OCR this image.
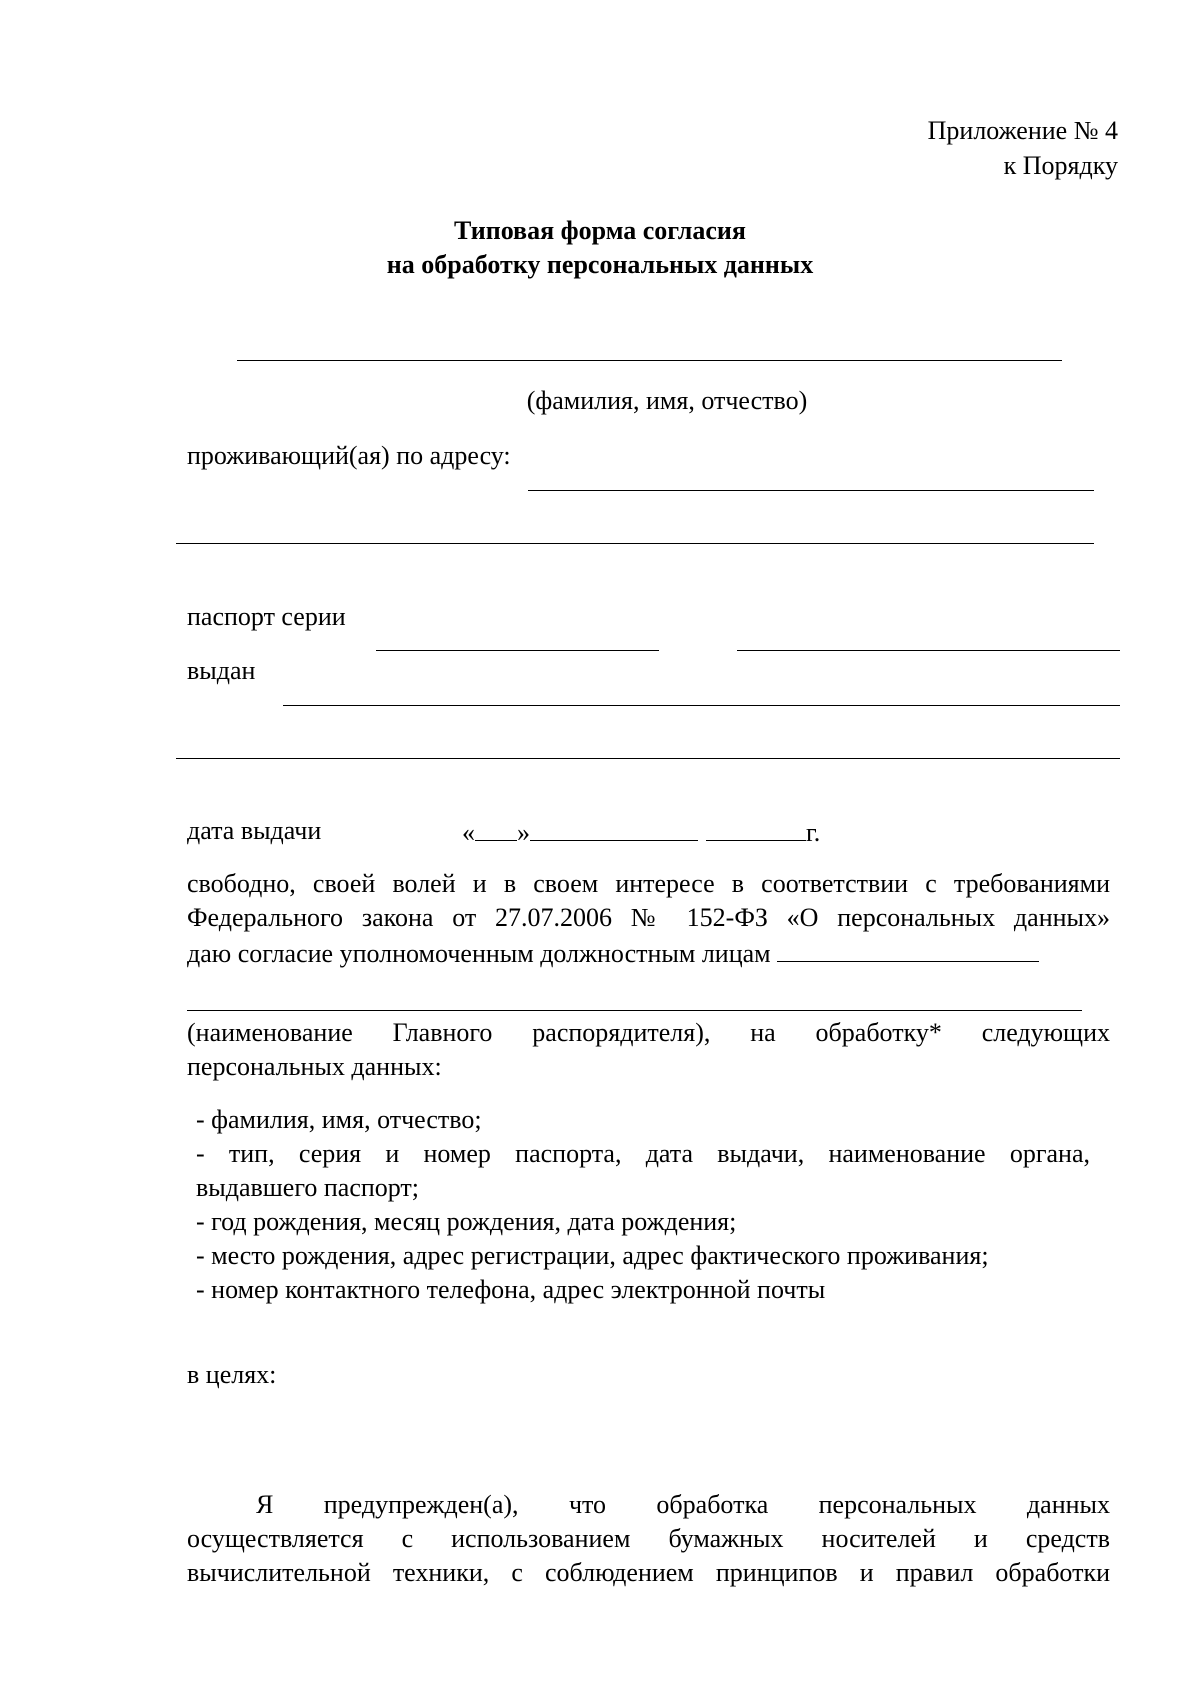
Приложение № 4
к Порядку
Типовая форма согласия
на обработку персональных данных
(фамилия, имя, отчество)
проживающий(ая) по адресу:
паспорт серии
выдан
дата выдачи	« »	г.
свободно, своей волей и в своем интересе в соответствии с требованиями
Федерального закона от 27.07.2006 № 152-ФЗ «О персональных данных»
даю согласие уполномоченным должностным лицам
(наименование Главного распорядителя), на обработку* следующих
персональных данных:
- фамилия, имя, отчество;
- тип, серия и номер паспорта, дата выдачи, наименование органа,
выдавшего паспорт;
- год рождения, месяц рождения, дата рождения;
- место рождения, адрес регистрации, адрес фактического проживания;
- номер контактного телефона, адрес электронной почты
в целях:
Я предупрежден(а), что обработка персональных данных
осуществляется с использованием бумажных носителей и средств
вычислительной техники, с соблюдением принципов и правил обработки
